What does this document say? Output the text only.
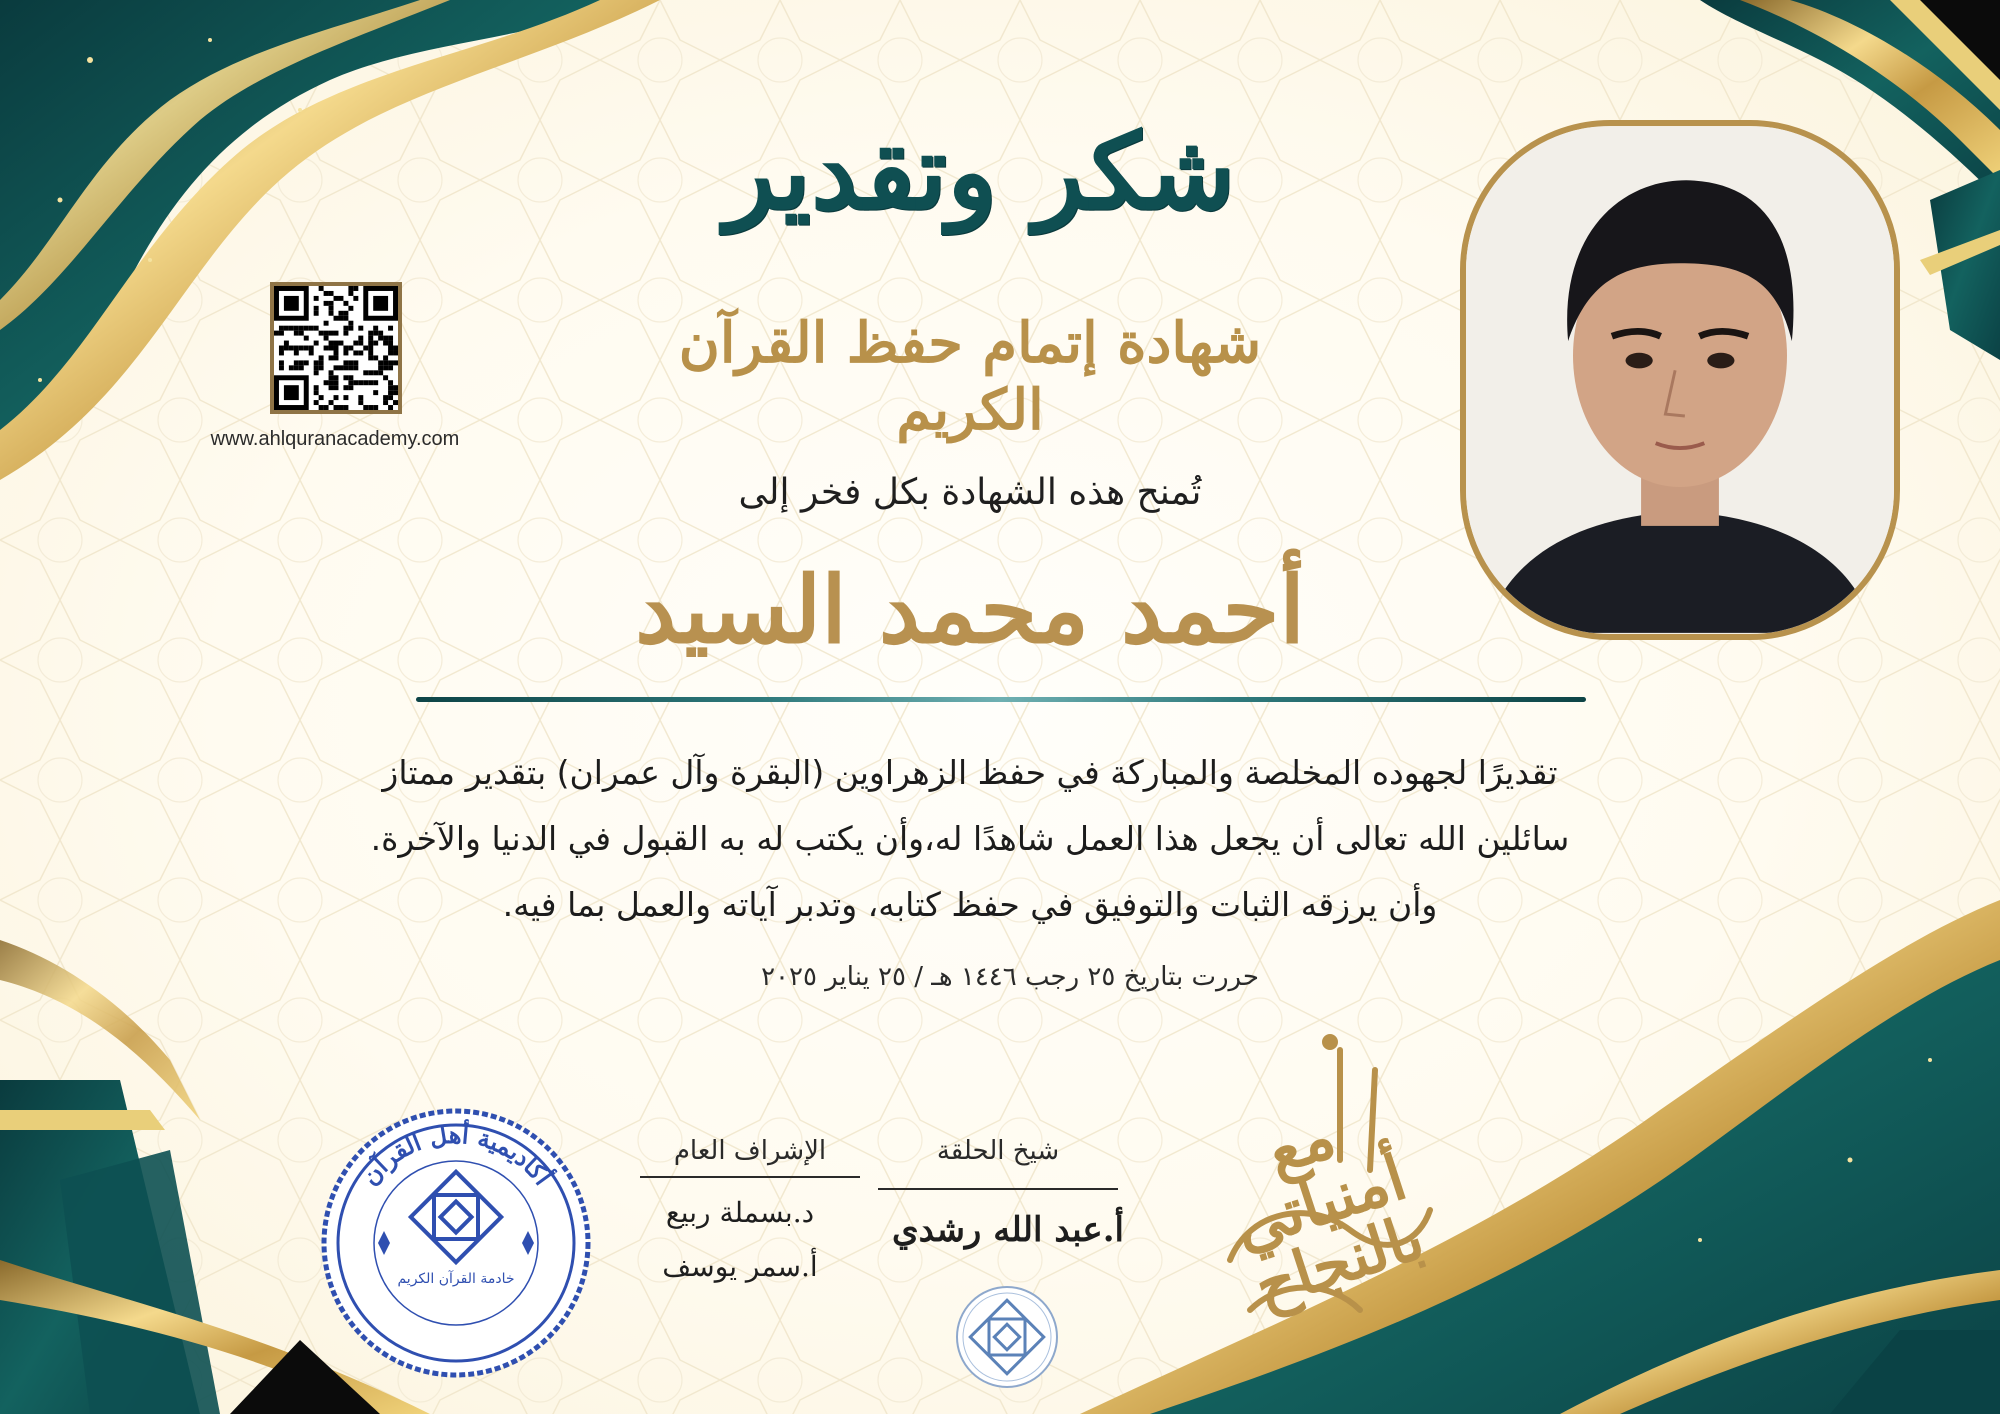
شكر وتقدير
شهادة إتمام حفظ القرآن الكريم
www.ahlquranacademy.com
تُمنح هذه الشهادة بكل فخر إلى
أحمد محمد السيد
تقديرًا لجهوده المخلصة والمباركة في حفظ الزهراوين (البقرة وآل عمران) بتقدير ممتاز
سائلين الله تعالى أن يجعل هذا العمل شاهدًا له،وأن يكتب له به القبول في الدنيا والآخرة.
وأن يرزقه الثبات والتوفيق في حفظ كتابه، وتدبر آياته والعمل بما فيه.
حررت بتاريخ ٢٥ رجب ١٤٤٦ هـ / ٢٥ يناير ٢٠٢٥
أكاديمية أهل القرآن
خادمة القرآن الكريم
الإشراف العام
د.بسملة ربيع
أ.سمر يوسف
شيخ الحلقة
أ.عبد الله رشدي
مع أمنياتي بالنجاح
